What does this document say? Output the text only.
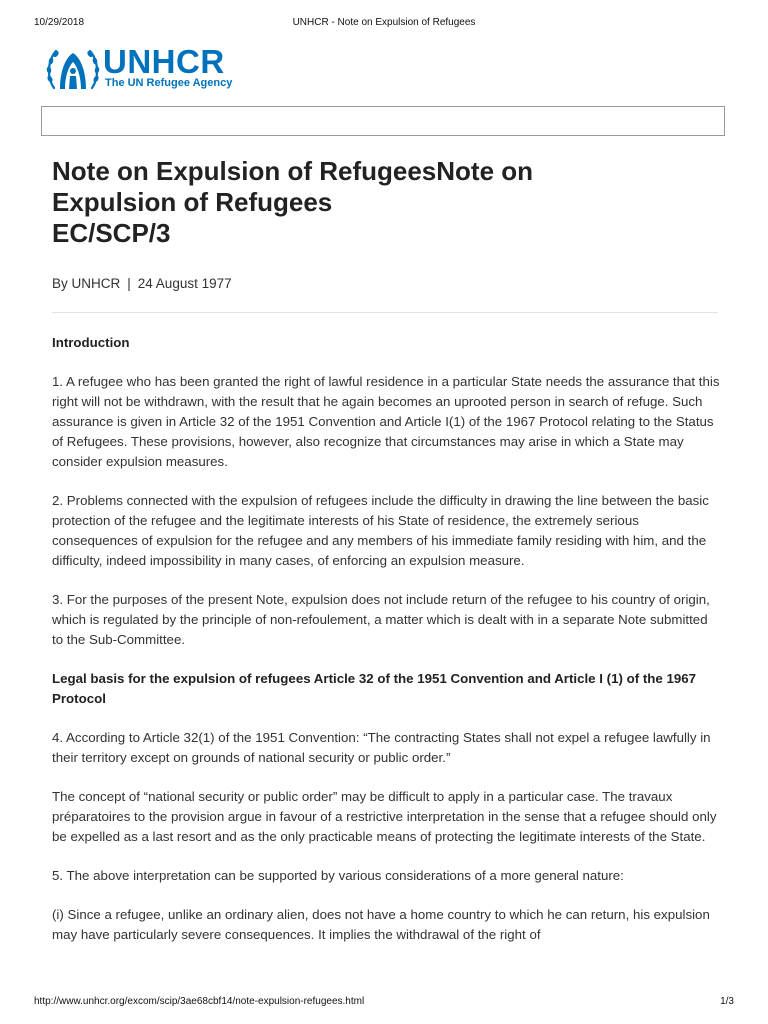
10/29/2018	UNHCR - Note on Expulsion of Refugees
UNHCR
The UN Refugee Agency
Note on Expulsion of RefugeesNote on
Expulsion of Refugees
EC/SCP/3
By UNHCR | 24 August 1977
Introduction

1. A refugee who has been granted the right of lawful residence in a particular State needs the assurance that this right will not be withdrawn, with the result that he again becomes an uprooted person in search of refuge. Such assurance is given in Article 32 of the 1951 Convention and Article I(1) of the 1967 Protocol relating to the Status of Refugees. These provisions, however, also recognize that circumstances may arise in which a State may consider expulsion measures.

2. Problems connected with the expulsion of refugees include the difficulty in drawing the line between the basic protection of the refugee and the legitimate interests of his State of residence, the extremely serious consequences of expulsion for the refugee and any members of his immediate family residing with him, and the difficulty, indeed impossibility in many cases, of enforcing an expulsion measure.

3. For the purposes of the present Note, expulsion does not include return of the refugee to his country of origin, which is regulated by the principle of non-refoulement, a matter which is dealt with in a separate Note submitted to the Sub-Committee.

Legal basis for the expulsion of refugees Article 32 of the 1951 Convention and Article I (1) of the 1967 Protocol

4. According to Article 32(1) of the 1951 Convention: “The contracting States shall not expel a refugee lawfully in their territory except on grounds of national security or public order.”

The concept of “national security or public order” may be difficult to apply in a particular case. The travaux préparatoires to the provision argue in favour of a restrictive interpretation in the sense that a refugee should only be expelled as a last resort and as the only practicable means of protecting the legitimate interests of the State.

5. The above interpretation can be supported by various considerations of a more general nature:

(i) Since a refugee, unlike an ordinary alien, does not have a home country to which he can return, his expulsion may have particularly severe consequences. It implies the withdrawal of the right of

http://www.unhcr.org/excom/scip/3ae68cbf14/note-expulsion-refugees.html	1/3
